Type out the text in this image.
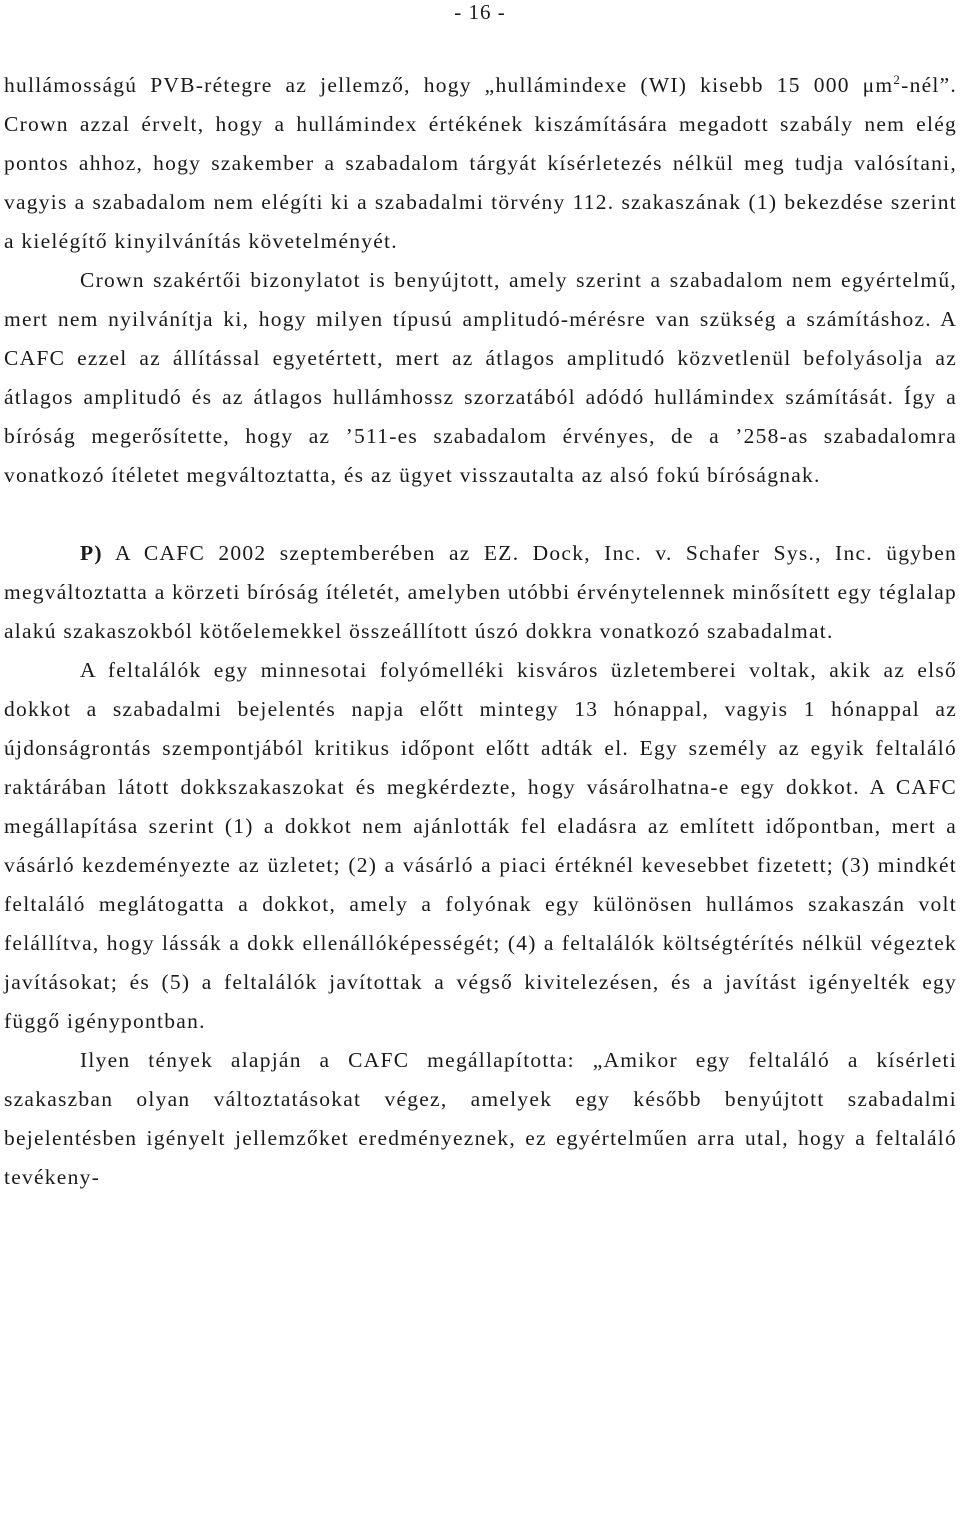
- 16 -

hullámosságú PVB-rétegre az jellemző, hogy „hullámindexe (WI) kisebb 15 000 $\mu m^2$-nél”. Crown azzal érvelt, hogy a hullámindex értékének kiszámítására megadott szabály nem elég pontos ahhoz, hogy szakember a szabadalom tárgyát kísérletezés nélkül meg tudja valósítani, vagyis a szabadalom nem elégíti ki a szabadalmi törvény 112. szakaszának (1) bekezdése szerint a kielégítő kinyilvánítás követelményét.

Crown szakértői bizonylatot is benyújtott, amely szerint a szabadalom nem egyértelmű, mert nem nyilvánítja ki, hogy milyen típusú amplitudó-mérésre van szükség a számításhoz. A CAFC ezzel az állítással egyetértett, mert az átlagos amplitudó közvetlenül befolyásolja az átlagos amplitudó és az átlagos hullámhossz szorzatából adódó hullámindex számítását. Így a bíróság megerősítette, hogy az ’511-es szabadalom érvényes, de a ’258-as szabadalomra vonatkozó ítéletet megváltoztatta, és az ügyet visszautalta az alsó fokú bíróságnak.

P) A CAFC 2002 szeptemberében az EZ. Dock, Inc. v. Schafer Sys., Inc. ügyben megváltoztatta a körzeti bíróság ítéletét, amelyben utóbbi érvénytelennek minősített egy téglalap alakú szakaszokból kötőelemekkel összeállított úszó dokkra vonatkozó szabadalmat.

A feltalálók egy minnesotai folyómelléki kisváros üzletemberei voltak, akik az első dokkot a szabadalmi bejelentés napja előtt mintegy 13 hónappal, vagyis 1 hónappal az újdonságrontás szempontjából kritikus időpont előtt adták el. Egy személy az egyik feltaláló raktárában látott dokkszakaszokat és megkérdezte, hogy vásárolhatna-e egy dokkot. A CAFC megállapítása szerint (1) a dokkot nem ajánlották fel eladásra az említett időpontban, mert a vásárló kezdeményezte az üzletet; (2) a vásárló a piaci értéknél kevesebbet fizetett; (3) mindkét feltaláló meglátogatta a dokkot, amely a folyónak egy különösen hullámos szakaszán volt felállítva, hogy lássák a dokk ellenállóképességét; (4) a feltalálók költségtérítés nélkül végeztek javításokat; és (5) a feltalálók javítottak a végső kivitelezésen, és a javítást igényelték egy függő igénypontban.

Ilyen tények alapján a CAFC megállapította: „Amikor egy feltaláló a kísérleti szakaszban olyan változtatásokat végez, amelyek egy később benyújtott szabadalmi bejelentésben igényelt jellemzőket eredményeznek, ez egyértelműen arra utal, hogy a feltaláló tevékeny-
